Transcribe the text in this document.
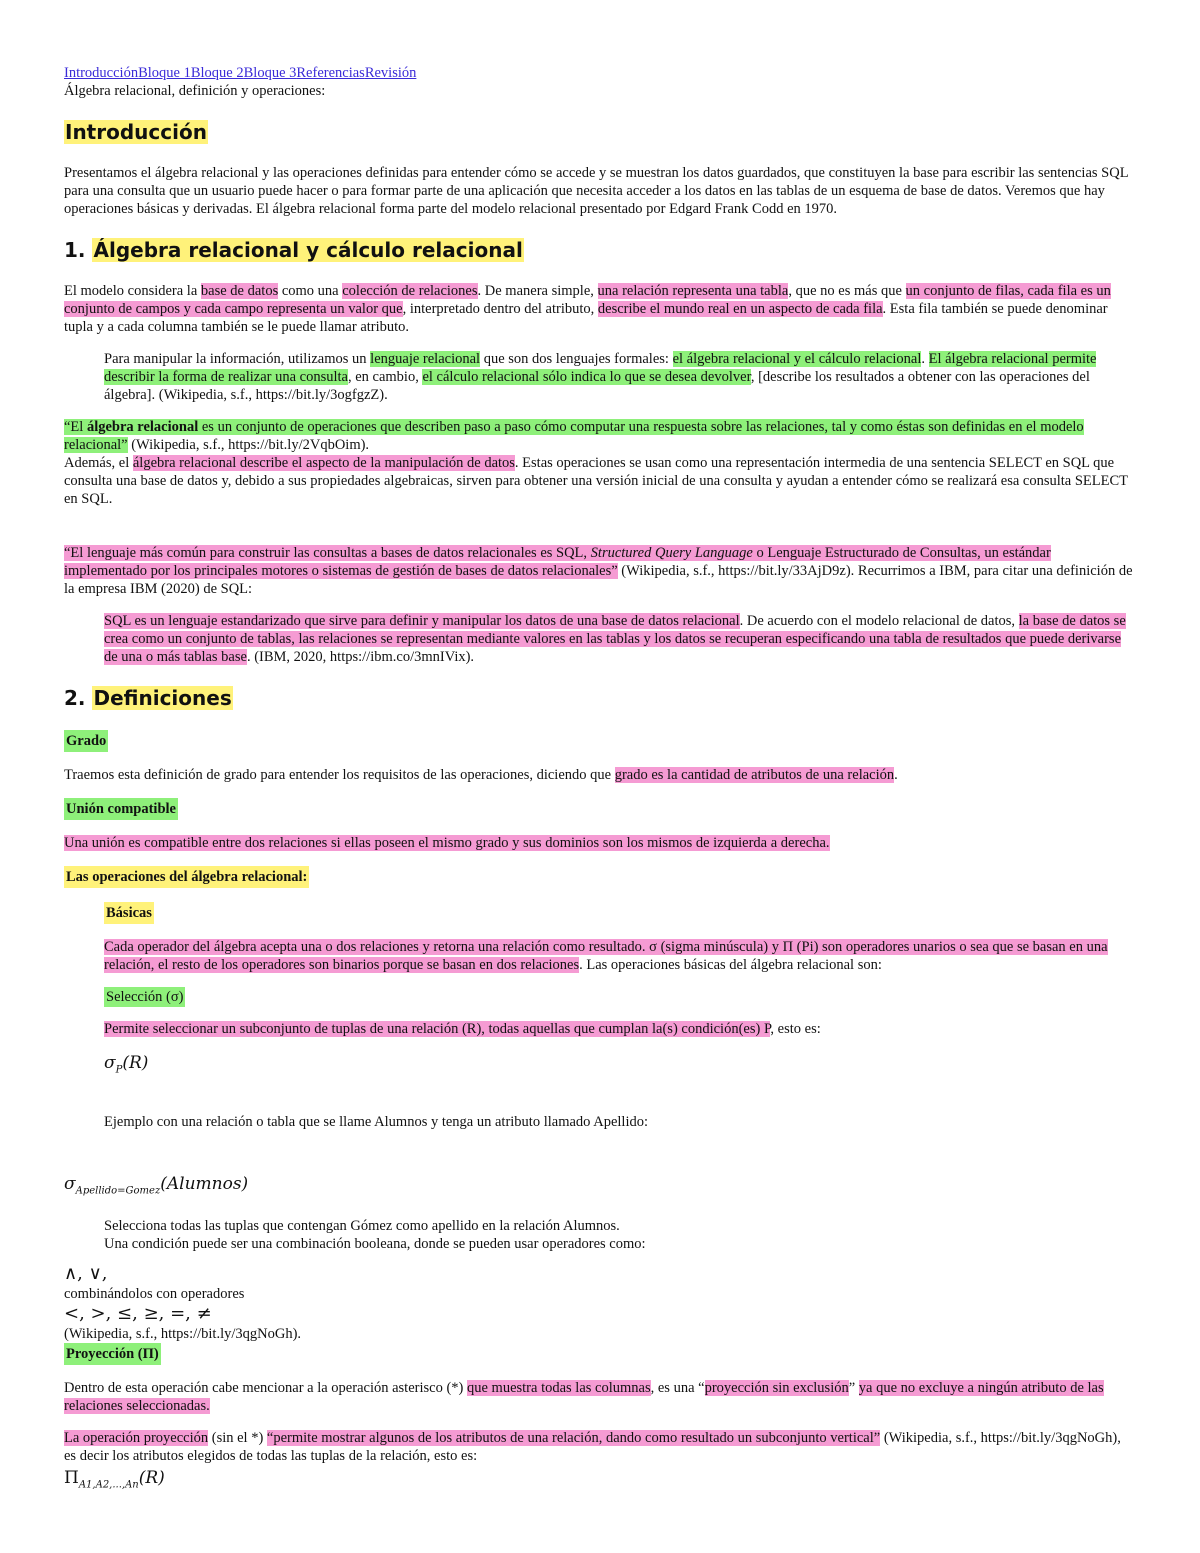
IntroducciónBloque 1Bloque 2Bloque 3ReferenciasRevisión
Álgebra relacional, definición y operaciones:
Introducción

Presentamos el álgebra relacional y las operaciones definidas para entender cómo se accede y se muestran los datos guardados, que constituyen la base para escribir las sentencias SQL para una consulta que un usuario puede hacer o para formar parte de una aplicación que necesita acceder a los datos en las tablas de un esquema de base de datos. Veremos que hay operaciones básicas y derivadas. El álgebra relacional forma parte del modelo relacional presentado por Edgard Frank Codd en 1970.

1. Álgebra relacional y cálculo relacional

El modelo considera la base de datos como una colección de relaciones. De manera simple, una relación representa una tabla, que no es más que un conjunto de filas, cada fila es un conjunto de campos y cada campo representa un valor que, interpretado dentro del atributo, describe el mundo real en un aspecto de cada fila. Esta fila también se puede denominar tupla y a cada columna también se le puede llamar atributo.

Para manipular la información, utilizamos un lenguaje relacional que son dos lenguajes formales: el álgebra relacional y el cálculo relacional. El álgebra relacional permite describir la forma de realizar una consulta, en cambio, el cálculo relacional sólo indica lo que se desea devolver, [describe los resultados a obtener con las operaciones del álgebra]. (Wikipedia, s.f., https://bit.ly/3ogfgzZ).

“El álgebra relacional es un conjunto de operaciones que describen paso a paso cómo computar una respuesta sobre las relaciones, tal y como éstas son definidas en el modelo relacional” (Wikipedia, s.f., https://bit.ly/2VqbOim).

Además, el álgebra relacional describe el aspecto de la manipulación de datos. Estas operaciones se usan como una representación intermedia de una sentencia SELECT en SQL que consulta una base de datos y, debido a sus propiedades algebraicas, sirven para obtener una versión inicial de una consulta y ayudan a entender cómo se realizará esa consulta SELECT en SQL.

“El lenguaje más común para construir las consultas a bases de datos relacionales es SQL, Structured Query Language o Lenguaje Estructurado de Consultas, un estándar implementado por los principales motores o sistemas de gestión de bases de datos relacionales” (Wikipedia, s.f., https://bit.ly/33AjD9z). Recurrimos a IBM, para citar una definición de la empresa IBM (2020) de SQL:

SQL es un lenguaje estandarizado que sirve para definir y manipular los datos de una base de datos relacional. De acuerdo con el modelo relacional de datos, la base de datos se crea como un conjunto de tablas, las relaciones se representan mediante valores en las tablas y los datos se recuperan especificando una tabla de resultados que puede derivarse de una o más tablas base. (IBM, 2020, https://ibm.co/3mnIVix).

2. Definiciones

Grado

Traemos esta definición de grado para entender los requisitos de las operaciones, diciendo que grado es la cantidad de atributos de una relación.

Unión compatible

Una unión es compatible entre dos relaciones si ellas poseen el mismo grado y sus dominios son los mismos de izquierda a derecha.

Las operaciones del álgebra relacional:

Básicas

Cada operador del álgebra acepta una o dos relaciones y retorna una relación como resultado. σ (sigma minúscula) y Π (Pi) son operadores unarios o sea que se basan en una relación, el resto de los operadores son binarios porque se basan en dos relaciones. Las operaciones básicas del álgebra relacional son:

Selección (σ)

Permite seleccionar un subconjunto de tuplas de una relación (R), todas aquellas que cumplan la(s) condición(es) P, esto es:

$\sigma_P(R)$

Ejemplo con una relación o tabla que se llame Alumnos y tenga un atributo llamado Apellido:

$\sigma_{Apellido=Gomez}(Alumnos)$
Selecciona todas las tuplas que contengan Gómez como apellido en la relación Alumnos.
Una condición puede ser una combinación booleana, donde se pueden usar operadores como:
∧, ∨,
combinándolos con operadores
<, >, ≤, ≥, =, ≠
(Wikipedia, s.f., https://bit.ly/3qgNoGh).
Proyección (Π)

Dentro de esta operación cabe mencionar a la operación asterisco (*) que muestra todas las columnas, es una “proyección sin exclusión” ya que no excluye a ningún atributo de las relaciones seleccionadas.

La operación proyección (sin el *) “permite mostrar algunos de los atributos de una relación, dando como resultado un subconjunto vertical” (Wikipedia, s.f., https://bit.ly/3qgNoGh), es decir los atributos elegidos de todas las tuplas de la relación, esto es:

$\Pi_{A1,A2,...,An}(R)$
